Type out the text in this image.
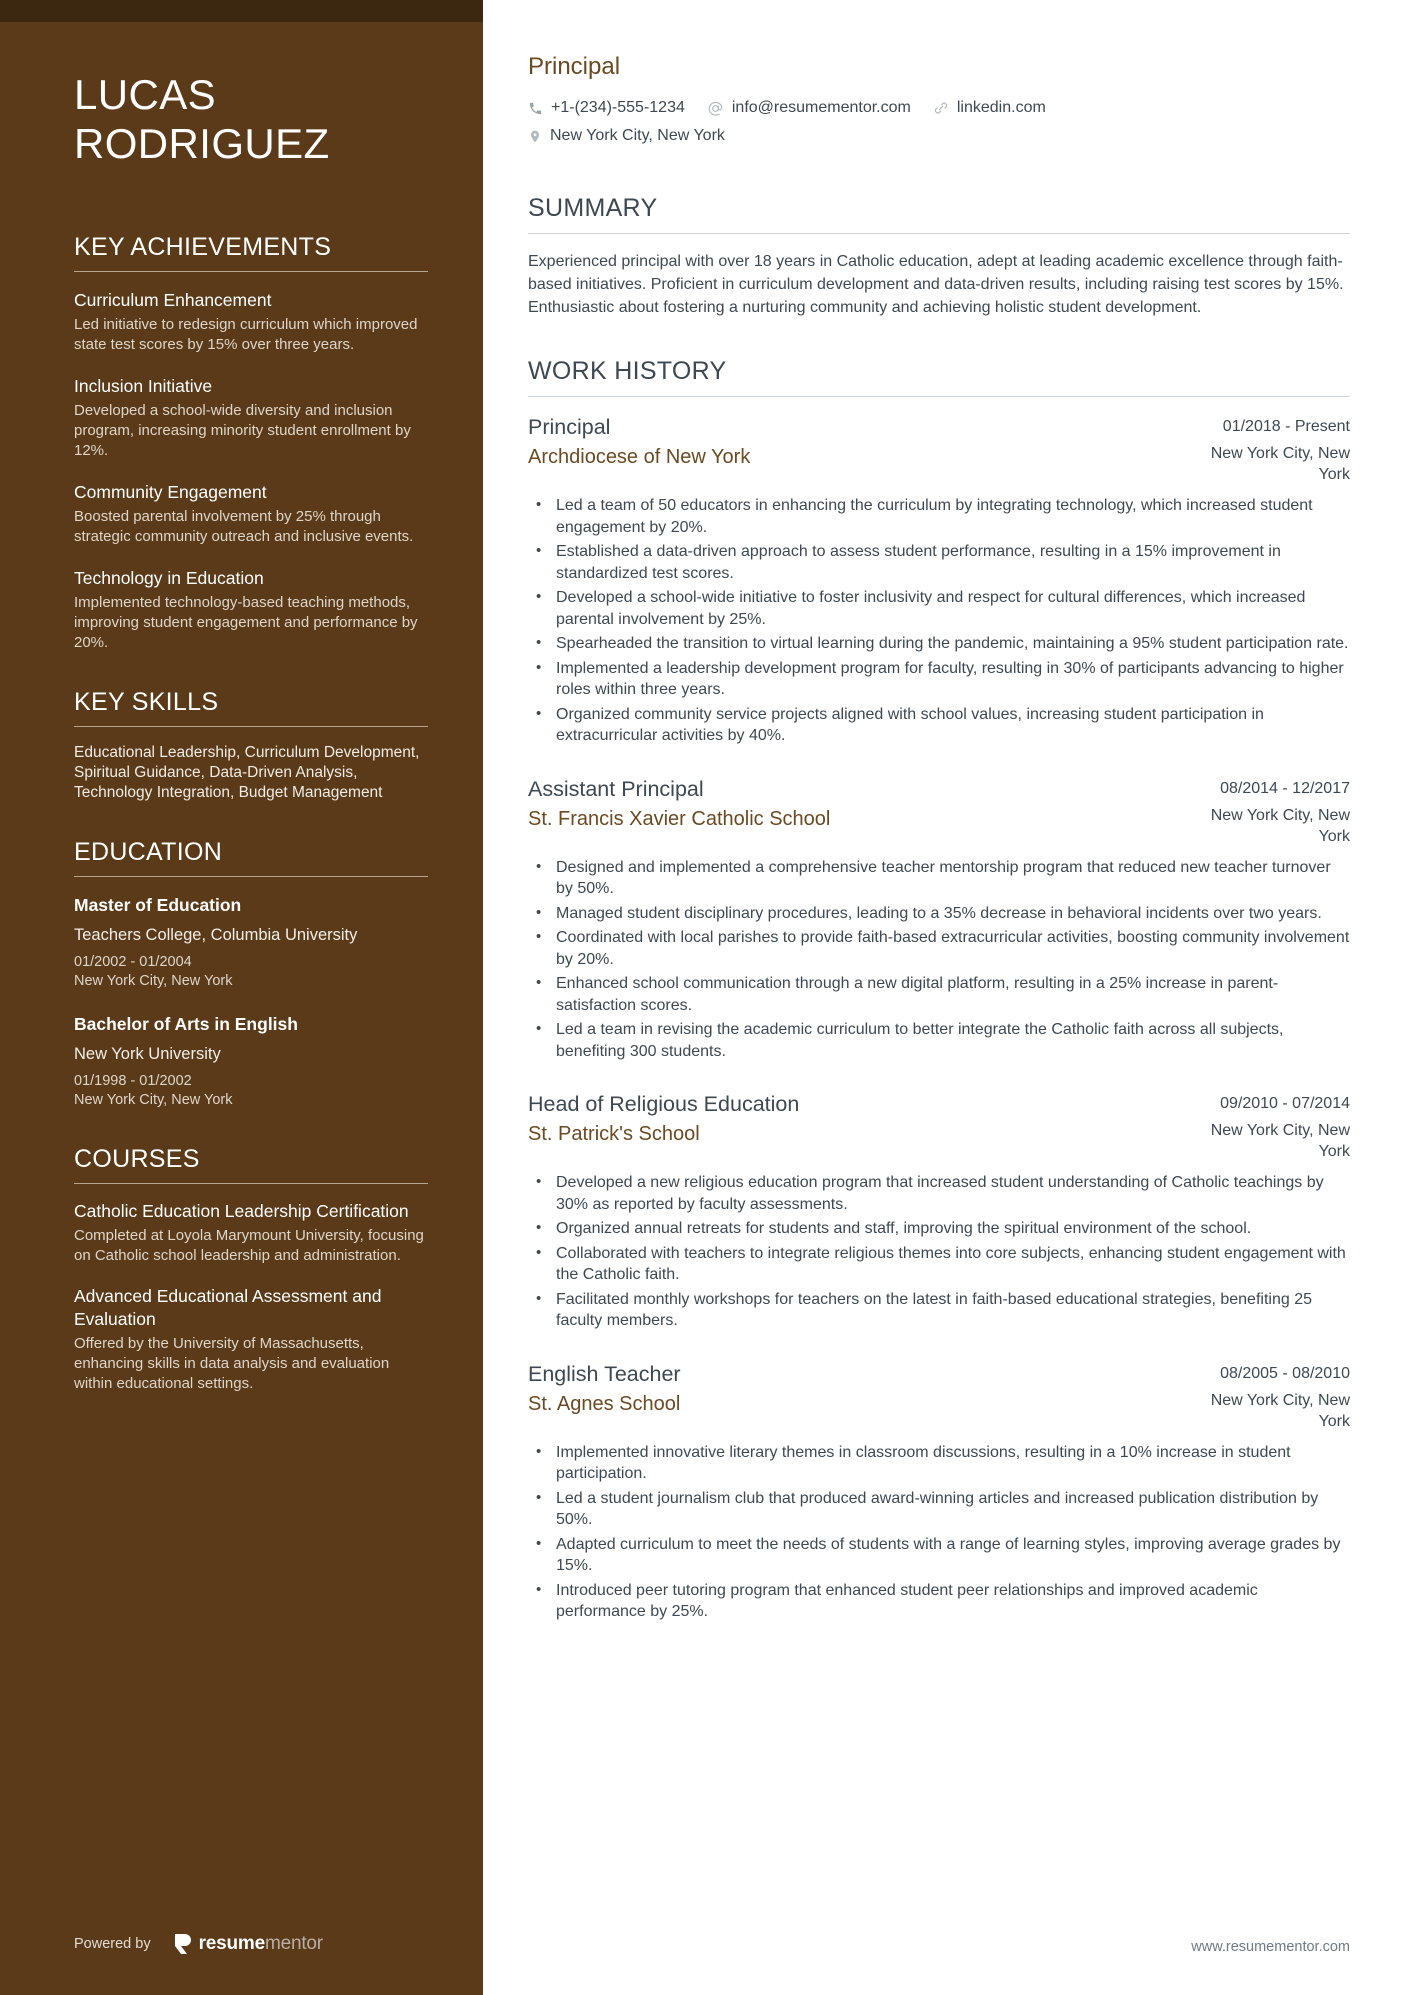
LUCAS
RODRIGUEZ
KEY ACHIEVEMENTS
Curriculum Enhancement
Led initiative to redesign curriculum which improved state test scores by 15% over three years.
Inclusion Initiative
Developed a school-wide diversity and inclusion program, increasing minority student enrollment by 12%.
Community Engagement
Boosted parental involvement by 25% through strategic community outreach and inclusive events.
Technology in Education
Implemented technology-based teaching methods, improving student engagement and performance by 20%.
KEY SKILLS
Educational Leadership, Curriculum Development, Spiritual Guidance, Data-Driven Analysis, Technology Integration, Budget Management
EDUCATION
Master of Education
Teachers College, Columbia University
01/2002 - 01/2004
New York City, New York
Bachelor of Arts in English
New York University
01/1998 - 01/2002
New York City, New York
COURSES
Catholic Education Leadership Certification
Completed at Loyola Marymount University, focusing on Catholic school leadership and administration.
Advanced Educational Assessment and Evaluation
Offered by the University of Massachusetts, enhancing skills in data analysis and evaluation within educational settings.
Powered by	resumementor
Principal
+1-(234)-555-1234	info@resumementor.com	linkedin.com
New York City, New York
SUMMARY

Experienced principal with over 18 years in Catholic education, adept at leading academic excellence through faith-based initiatives. Proficient in curriculum development and data-driven results, including raising test scores by 15%. Enthusiastic about fostering a nurturing community and achieving holistic student development.

WORK HISTORY
Principal	01/2018 - Present
Archdiocese of New York	New York City, New York
• Led a team of 50 educators in enhancing the curriculum by integrating technology, which increased student engagement by 20%.
• Established a data-driven approach to assess student performance, resulting in a 15% improvement in standardized test scores.
• Developed a school-wide initiative to foster inclusivity and respect for cultural differences, which increased parental involvement by 25%.
• Spearheaded the transition to virtual learning during the pandemic, maintaining a 95% student participation rate.
• Implemented a leadership development program for faculty, resulting in 30% of participants advancing to higher roles within three years.
• Organized community service projects aligned with school values, increasing student participation in extracurricular activities by 40%.
Assistant Principal	08/2014 - 12/2017
St. Francis Xavier Catholic School	New York City, New York
• Designed and implemented a comprehensive teacher mentorship program that reduced new teacher turnover by 50%.
• Managed student disciplinary procedures, leading to a 35% decrease in behavioral incidents over two years.
• Coordinated with local parishes to provide faith-based extracurricular activities, boosting community involvement by 20%.
• Enhanced school communication through a new digital platform, resulting in a 25% increase in parent-satisfaction scores.
• Led a team in revising the academic curriculum to better integrate the Catholic faith across all subjects, benefiting 300 students.
Head of Religious Education	09/2010 - 07/2014
St. Patrick's School	New York City, New York
• Developed a new religious education program that increased student understanding of Catholic teachings by 30% as reported by faculty assessments.
• Organized annual retreats for students and staff, improving the spiritual environment of the school.
• Collaborated with teachers to integrate religious themes into core subjects, enhancing student engagement with the Catholic faith.
• Facilitated monthly workshops for teachers on the latest in faith-based educational strategies, benefiting 25 faculty members.
English Teacher	08/2005 - 08/2010
St. Agnes School	New York City, New York
• Implemented innovative literary themes in classroom discussions, resulting in a 10% increase in student participation.
• Led a student journalism club that produced award-winning articles and increased publication distribution by 50%.
• Adapted curriculum to meet the needs of students with a range of learning styles, improving average grades by 15%.
• Introduced peer tutoring program that enhanced student peer relationships and improved academic performance by 25%.
www.resumementor.com
